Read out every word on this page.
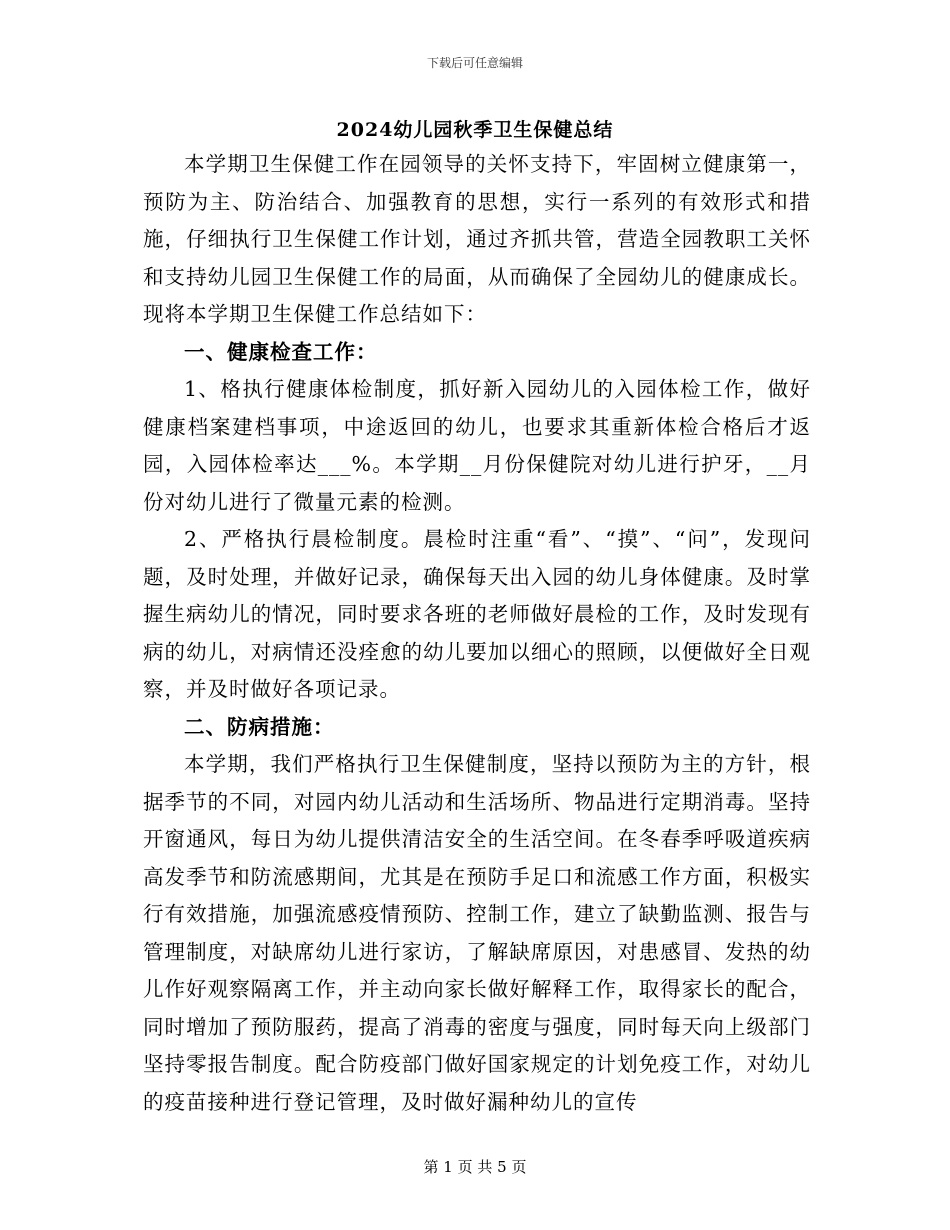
下载后可任意编辑
2024幼儿园秋季卫生保健总结

本学期卫生保健工作在园领导的关怀支持下，牢固树立健康第一，预防为主、防治结合、加强教育的思想，实行一系列的有效形式和措施，仔细执行卫生保健工作计划，通过齐抓共管，营造全园教职工关怀和支持幼儿园卫生保健工作的局面，从而确保了全园幼儿的健康成长。现将本学期卫生保健工作总结如下：

一、健康检查工作：

1、格执行健康体检制度，抓好新入园幼儿的入园体检工作，做好健康档案建档事项，中途返回的幼儿，也要求其重新体检合格后才返园，入园体检率达___%。本学期__月份保健院对幼儿进行护牙，__月份对幼儿进行了微量元素的检测。

2、严格执行晨检制度。晨检时注重“看”、“摸”、“问”，发现问题，及时处理，并做好记录，确保每天出入园的幼儿身体健康。及时掌握生病幼儿的情况，同时要求各班的老师做好晨检的工作，及时发现有病的幼儿，对病情还没痊愈的幼儿要加以细心的照顾，以便做好全日观察，并及时做好各项记录。

二、防病措施：

本学期，我们严格执行卫生保健制度，坚持以预防为主的方针，根据季节的不同，对园内幼儿活动和生活场所、物品进行定期消毒。坚持开窗通风，每日为幼儿提供清洁安全的生活空间。在冬春季呼吸道疾病高发季节和防流感期间，尤其是在预防手足口和流感工作方面，积极实行有效措施，加强流感疫情预防、控制工作，建立了缺勤监测、报告与管理制度，对缺席幼儿进行家访，了解缺席原因，对患感冒、发热的幼儿作好观察隔离工作，并主动向家长做好解释工作，取得家长的配合，同时增加了预防服药，提高了消毒的密度与强度，同时每天向上级部门坚持零报告制度。配合防疫部门做好国家规定的计划免疫工作，对幼儿的疫苗接种进行登记管理，及时做好漏种幼儿的宣传

第 1 页 共 5 页
